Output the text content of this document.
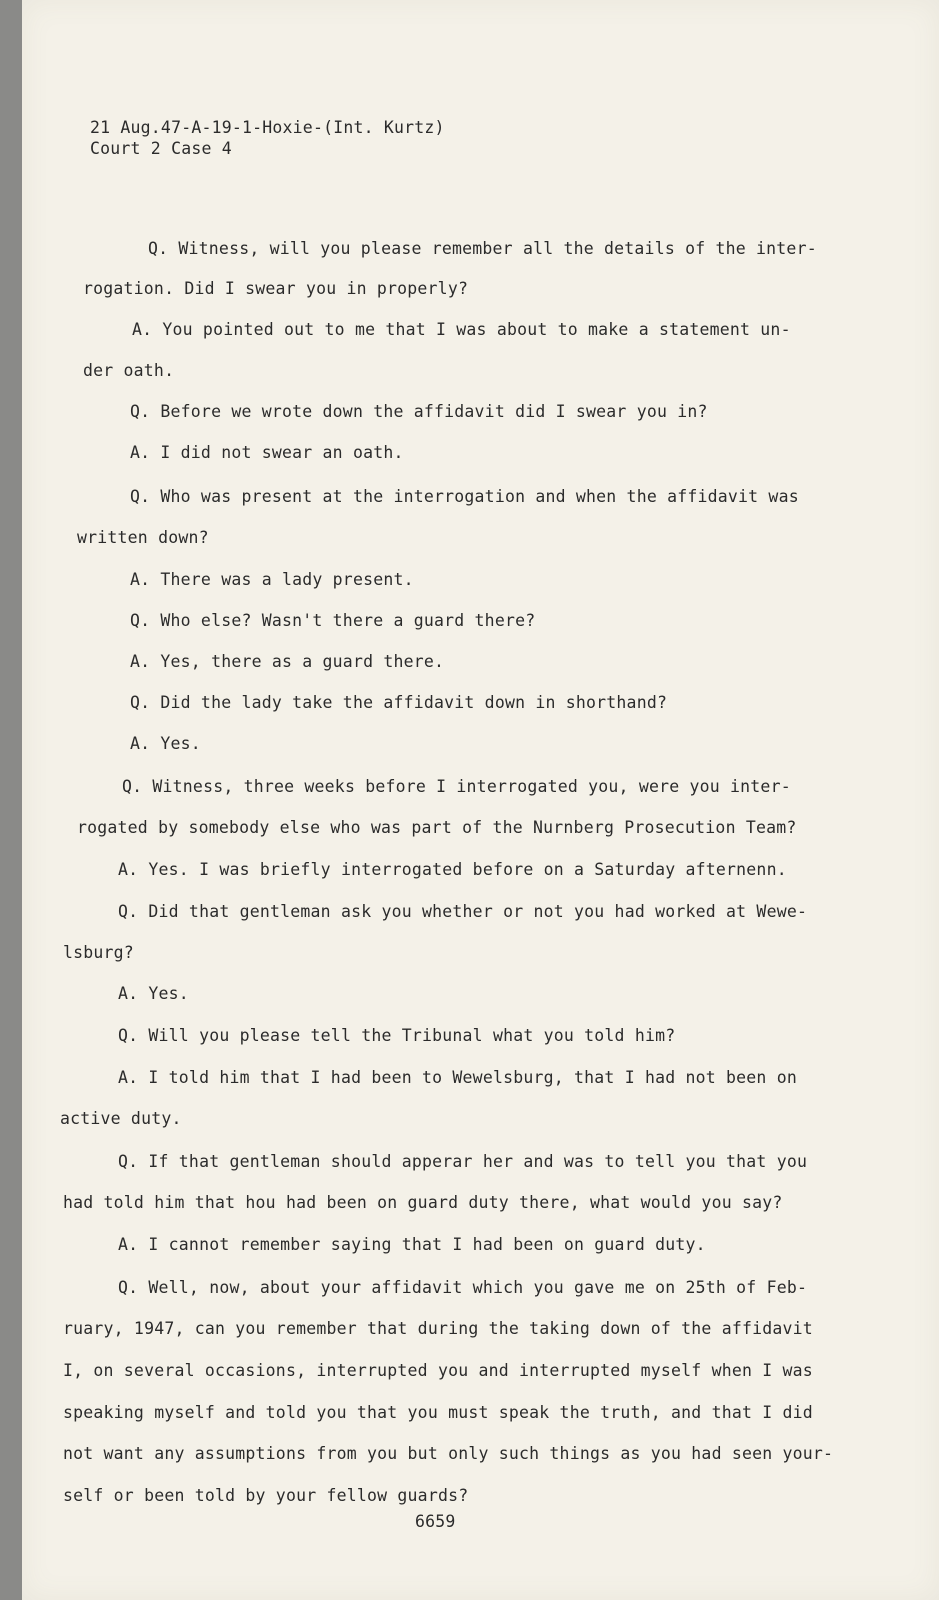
21 Aug.47-A-19-1-Hoxie-(Int. Kurtz)
Court 2 Case 4
Q. Witness, will you please remember all the details of the inter-
rogation. Did I swear you in properly?
A. You pointed out to me that I was about to make a statement un-
der oath.
Q. Before we wrote down the affidavit did I swear you in?
A. I did not swear an oath.
Q. Who was present at the interrogation and when the affidavit was
written down?
A. There was a lady present.
Q. Who else? Wasn't there a guard there?
A. Yes, there as a guard there.
Q. Did the lady take the affidavit down in shorthand?
A. Yes.
Q. Witness, three weeks before I interrogated you, were you inter-
rogated by somebody else who was part of the Nurnberg Prosecution Team?
A. Yes. I was briefly interrogated before on a Saturday afternenn.
Q. Did that gentleman ask you whether or not you had worked at Wewe-
lsburg?
A. Yes.
Q. Will you please tell the Tribunal what you told him?
A. I told him that I had been to Wewelsburg, that I had not been on
active duty.
Q. If that gentleman should apperar her and was to tell you that you
had told him that hou had been on guard duty there, what would you say?
A. I cannot remember saying that I had been on guard duty.
Q. Well, now, about your affidavit which you gave me on 25th of Feb-
ruary, 1947, can you remember that during the taking down of the affidavit
I, on several occasions, interrupted you and interrupted myself when I was
speaking myself and told you that you must speak the truth, and that I did
not want any assumptions from you but only such things as you had seen your-
self or been told by your fellow guards?
6659
